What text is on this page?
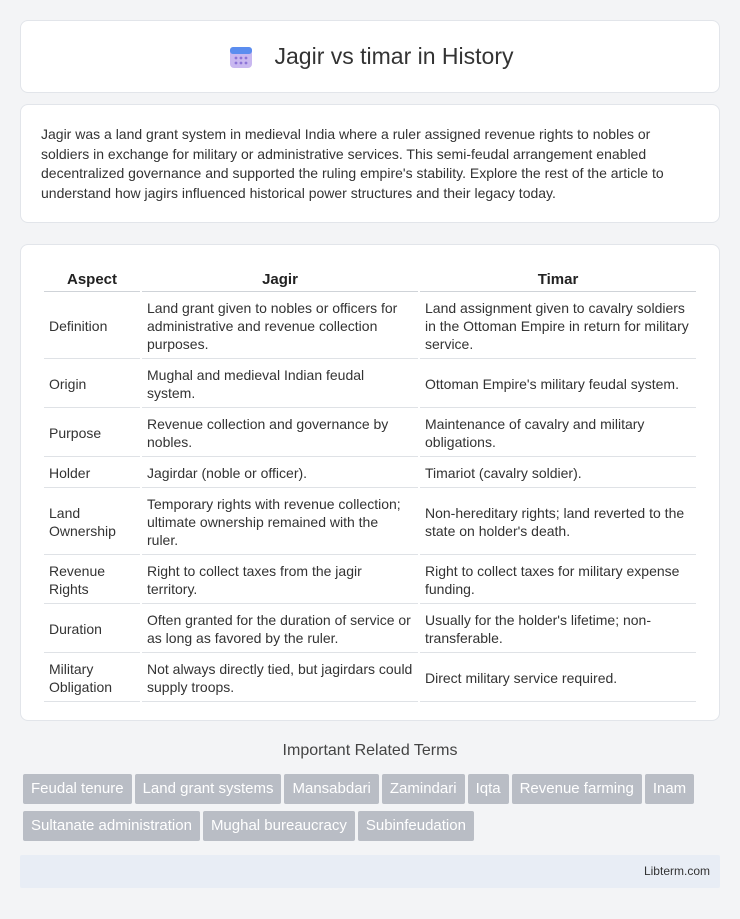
Jagir vs timar in History

Jagir was a land grant system in medieval India where a ruler assigned revenue rights to nobles or soldiers in exchange for military or administrative services. This semi-feudal arrangement enabled decentralized governance and supported the ruling empire's stability. Explore the rest of the article to understand how jagirs influenced historical power structures and their legacy today.

Aspect	Jagir	Timar
Definition	Land grant given to nobles or officers for administrative and revenue collection purposes.	Land assignment given to cavalry soldiers in the Ottoman Empire in return for military service.
Origin	Mughal and medieval Indian feudal system.	Ottoman Empire's military feudal system.
Purpose	Revenue collection and governance by nobles.	Maintenance of cavalry and military obligations.
Holder	Jagirdar (noble or officer).	Timariot (cavalry soldier).
Land Ownership	Temporary rights with revenue collection; ultimate ownership remained with the ruler.	Non-hereditary rights; land reverted to the state on holder's death.
Revenue Rights	Right to collect taxes from the jagir territory.	Right to collect taxes for military expense funding.
Duration	Often granted for the duration of service or as long as favored by the ruler.	Usually for the holder's lifetime; non-transferable.
Military Obligation	Not always directly tied, but jagirdars could supply troops.	Direct military service required.
Important Related Terms
Feudal tenure Land grant systems Mansabdari Zamindari Iqta Revenue farming InamSultanate administration Mughal bureaucracy Subinfeudation
Libterm.com
